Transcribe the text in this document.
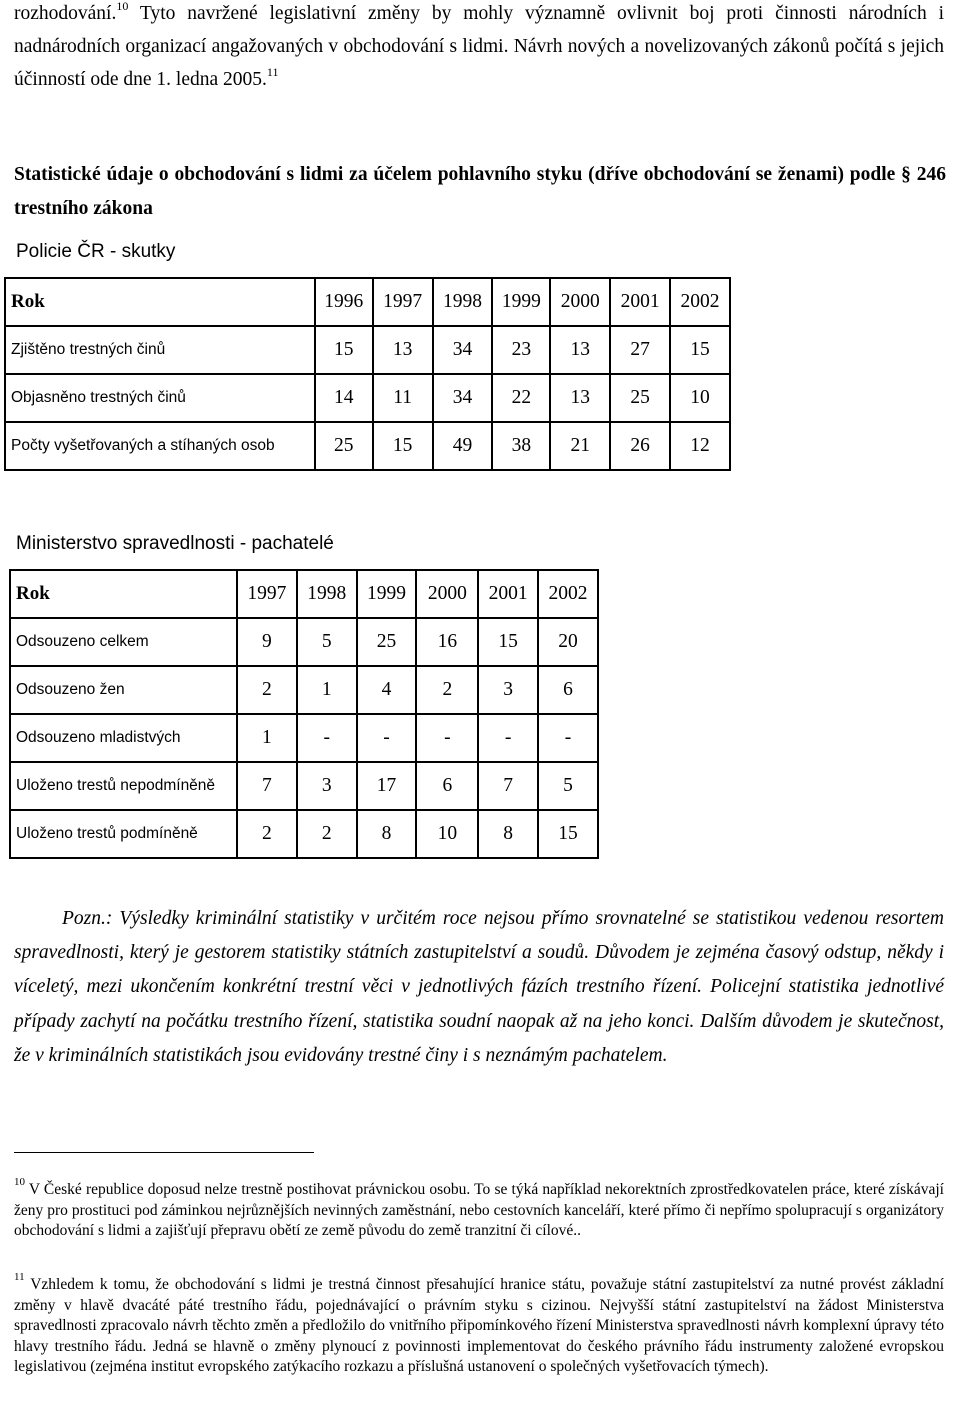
rozhodování.$^{10}$ Tyto navržené legislativní změny by mohly významně ovlivnit boj proti činnosti národních i nadnárodních organizací angažovaných v obchodování s lidmi. Návrh nových a novelizovaných zákonů počítá s jejich účinností ode dne 1. ledna 2005.11
Statistické údaje o obchodování s lidmi za účelem pohlavního styku (dříve obchodování se ženami) podle § 246 trestního zákona
Policie ČR - skutky
Rok	1996	1997	1998	1999	2000	2001	2002
Zjištěno trestných činů	15	13	34	23	13	27	15
Objasněno trestných činů	14	11	34	22	13	25	10
Počty vyšetřovaných a stíhaných osob	25	15	49	38	21	26	12
Ministerstvo spravedlnosti - pachatelé
Rok	1997	1998	1999	2000	2001	2002
Odsouzeno celkem	9	5	25	16	15	20
Odsouzeno žen	2	1	4	2	3	6
Odsouzeno mladistvých	1	-	-	-	-	-
Uloženo trestů nepodmíněně	7	3	17	6	7	5
Uloženo trestů podmíněně	2	2	8	10	8	15
Pozn.: Výsledky kriminální statistiky v určitém roce nejsou přímo srovnatelné se statistikou vedenou resortem spravedlnosti, který je gestorem statistiky státních zastupitelství a soudů. Důvodem je zejména časový odstup, někdy i víceletý, mezi ukončením konkrétní trestní věci v jednotlivých fázích trestního řízení. Policejní statistika jednotlivé případy zachytí na počátku trestního řízení, statistika soudní naopak až na jeho konci. Dalším důvodem je skutečnost, že v kriminálních statistikách jsou evidovány trestné činy i s neznámým pachatelem.
$^{10}$ V České republice doposud nelze trestně postihovat právnickou osobu. To se týká například nekorektních zprostředkovatelen práce, které získávají ženy pro prostituci pod záminkou nejrůznějších nevinných zaměstnání, nebo cestovních kanceláří, které přímo či nepřímo spolupracují s organizátory obchodování s lidmi a zajišťují přepravu obětí ze země původu do země tranzitní či cílové..
$^{11}$ Vzhledem k tomu, že obchodování s lidmi je trestná činnost přesahující hranice státu, považuje státní zastupitelství za nutné provést základní změny v hlavě dvacáté páté trestního řádu, pojednávající o právním styku s cizinou. Nejvyšší státní zastupitelství na žádost Ministerstva spravedlnosti zpracovalo návrh těchto změn a předložilo do vnitřního připomínkového řízení Ministerstva spravedlnosti návrh komplexní úpravy této hlavy trestního řádu. Jedná se hlavně o změny plynoucí z povinnosti implementovat do českého právního řádu instrumenty založené evropskou legislativou (zejména institut evropského zatýkacího rozkazu a příslušná ustanovení o společných vyšetřovacích týmech).
